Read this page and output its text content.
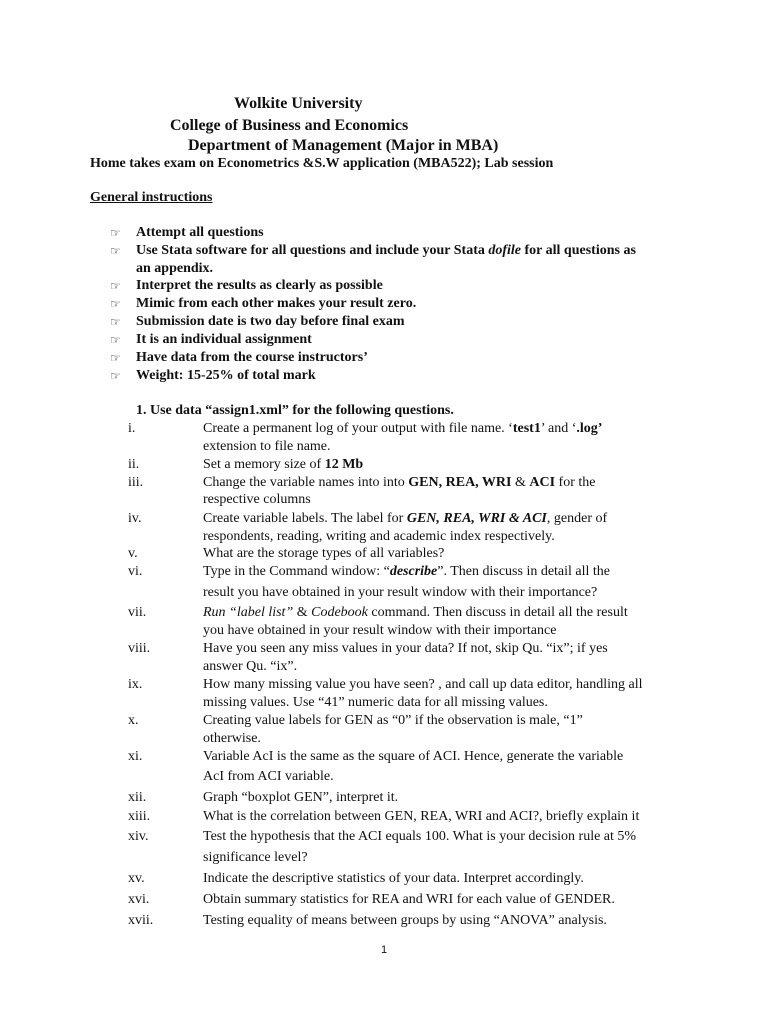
Wolkite University
College of Business and Economics
Department of Management (Major in MBA)
Home takes exam on Econometrics &S.W application (MBA522); Lab session
General instructions
☞ Attempt all questions
☞ Use Stata software for all questions and include your Stata dofile for all questions as
an appendix.
☞ Interpret the results as clearly as possible
☞ Mimic from each other makes your result zero.
☞ Submission date is two day before final exam
☞ It is an individual assignment
☞ Have data from the course instructors’
☞ Weight: 15-25% of total mark
1. Use data “assign1.xml” for the following questions.
i.	Create a permanent log of your output with file name. ‘test1’ and ‘.log’
extension to file name.
ii.	Set a memory size of 12 Mb
iii.	Change the variable names into into GEN, REA, WRI & ACI for the
respective columns
iv.	Create variable labels. The label for GEN, REA, WRI & ACI, gender of
respondents, reading, writing and academic index respectively.
v.	What are the storage types of all variables?
vi.	Type in the Command window: “describe”. Then discuss in detail all the
result you have obtained in your result window with their importance?
vii.	Run “label list” & Codebook command. Then discuss in detail all the result
you have obtained in your result window with their importance
viii.	Have you seen any miss values in your data? If not, skip Qu. “ix”; if yes
answer Qu. “ix”.
ix.	How many missing value you have seen? , and call up data editor, handling all
missing values. Use “41” numeric data for all missing values.
x.	Creating value labels for GEN as “0” if the observation is male, “1”
otherwise.
xi.	Variable AcI is the same as the square of ACI. Hence, generate the variable
AcI from ACI variable.
xii.	Graph “boxplot GEN”, interpret it.
xiii.	What is the correlation between GEN, REA, WRI and ACI?, briefly explain it
xiv.	Test the hypothesis that the ACI equals 100. What is your decision rule at 5%
significance level?
xv.	Indicate the descriptive statistics of your data. Interpret accordingly.
xvi.	Obtain summary statistics for REA and WRI for each value of GENDER.
xvii.	Testing equality of means between groups by using “ANOVA” analysis.
1
